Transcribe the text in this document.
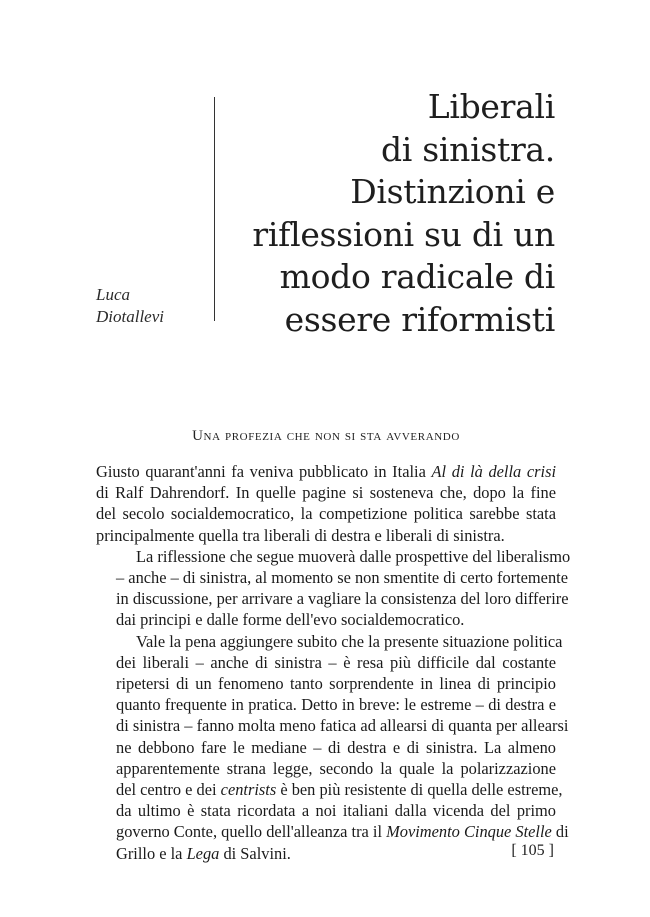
Luca
Diotallevi
Liberali
di sinistra.
Distinzioni e
riflessioni su di un
modo radicale di
essere riformisti
Una profezia che non si sta avverando
Giusto quarant'anni fa veniva pubblicato in Italia Al di là della crisi
di Ralf Dahrendorf. In quelle pagine si sosteneva che, dopo la fine
del secolo socialdemocratico, la competizione politica sarebbe stata
principalmente quella tra liberali di destra e liberali di sinistra.
La riflessione che segue muoverà dalle prospettive del liberalismo
– anche – di sinistra, al momento se non smentite di certo fortemente
in discussione, per arrivare a vagliare la consistenza del loro differire
dai principi e dalle forme dell'evo socialdemocratico.
Vale la pena aggiungere subito che la presente situazione politica
dei liberali – anche di sinistra – è resa più difficile dal costante
ripetersi di un fenomeno tanto sorprendente in linea di principio
quanto frequente in pratica. Detto in breve: le estreme – di destra e
di sinistra – fanno molta meno fatica ad allearsi di quanta per allearsi
ne debbono fare le mediane – di destra e di sinistra. La almeno
apparentemente strana legge, secondo la quale la polarizzazione
del centro e dei centrists è ben più resistente di quella delle estreme,
da ultimo è stata ricordata a noi italiani dalla vicenda del primo
governo Conte, quello dell'alleanza tra il Movimento Cinque Stelle di
Grillo e la Lega di Salvini.	[ 105 ]
